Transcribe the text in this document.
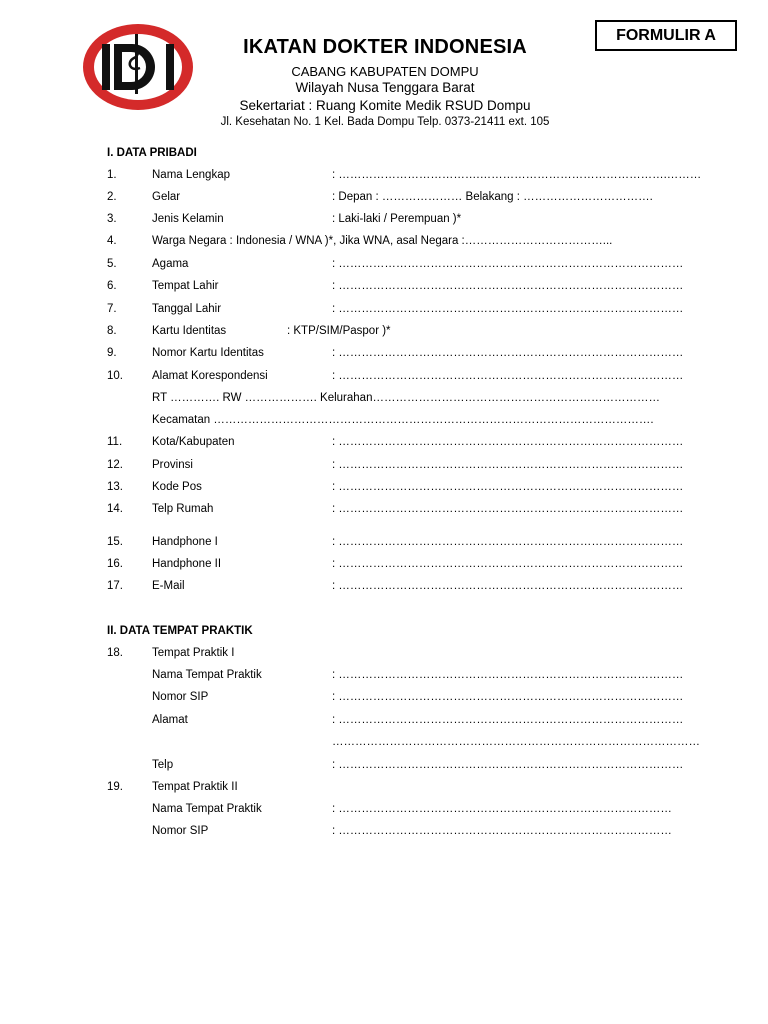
FORMULIR A
IKATAN DOKTER INDONESIA
CABANG KABUPATEN DOMPU
Wilayah Nusa Tenggara Barat
Sekertariat : Ruang Komite Medik RSUD Dompu
Jl. Kesehatan No. 1 Kel. Bada Dompu Telp. 0373-21411 ext. 105
I. DATA PRIBADI
1.	Nama Lengkap	: ……………………………….………………………………………….………
2.	Gelar	: Depan : ………………… Belakang : …………………………….
3.	Jenis Kelamin	: Laki-laki / Perempuan )*
4.	Warga Negara : Indonesia / WNA )*, Jika WNA, asal Negara :………………………………...
5.	Agama	: ………………………………………………………………………………
6.	Tempat Lahir	: ………………………………………………………………………………
7.	Tanggal Lahir	: ………………………………………………………………………………
8.	Kartu Identitas	: KTP/SIM/Paspor )*
9.	Nomor Kartu Identitas	: ………………………………………………………………………………
10.	Alamat Korespondensi	: ………………………………………………………………………………
RT …………. RW ………………. Kelurahan…………………………………………………………………
Kecamatan …………………………………………………………………………………………………….
11.	Kota/Kabupaten	: ………………………………………………………………………………
12.	Provinsi	: ………………………………………………………………………………
13.	Kode Pos	: ………………………………………………………………………………
14.	Telp Rumah	: ………………………………………………………………………………
15.	Handphone I	: ………………………………………………………………………………
16.	Handphone II	: ………………………………………………………………………………
17.	E-Mail	: ………………………………………………………………………………
II. DATA TEMPAT PRAKTIK
18.	Tempat Praktik I
Nama Tempat Praktik	: ………………………………………………………………………………
Nomor SIP	: ………………………………………………………………………………
Alamat	: ………………………………………………………………………………
……………………………………………………………………………………
Telp	: ………………………………………………………………………………
19.	Tempat Praktik II
Nama Tempat Praktik	: ……………………………………………………………………………
Nomor SIP	: ……………………………………………………………………………
